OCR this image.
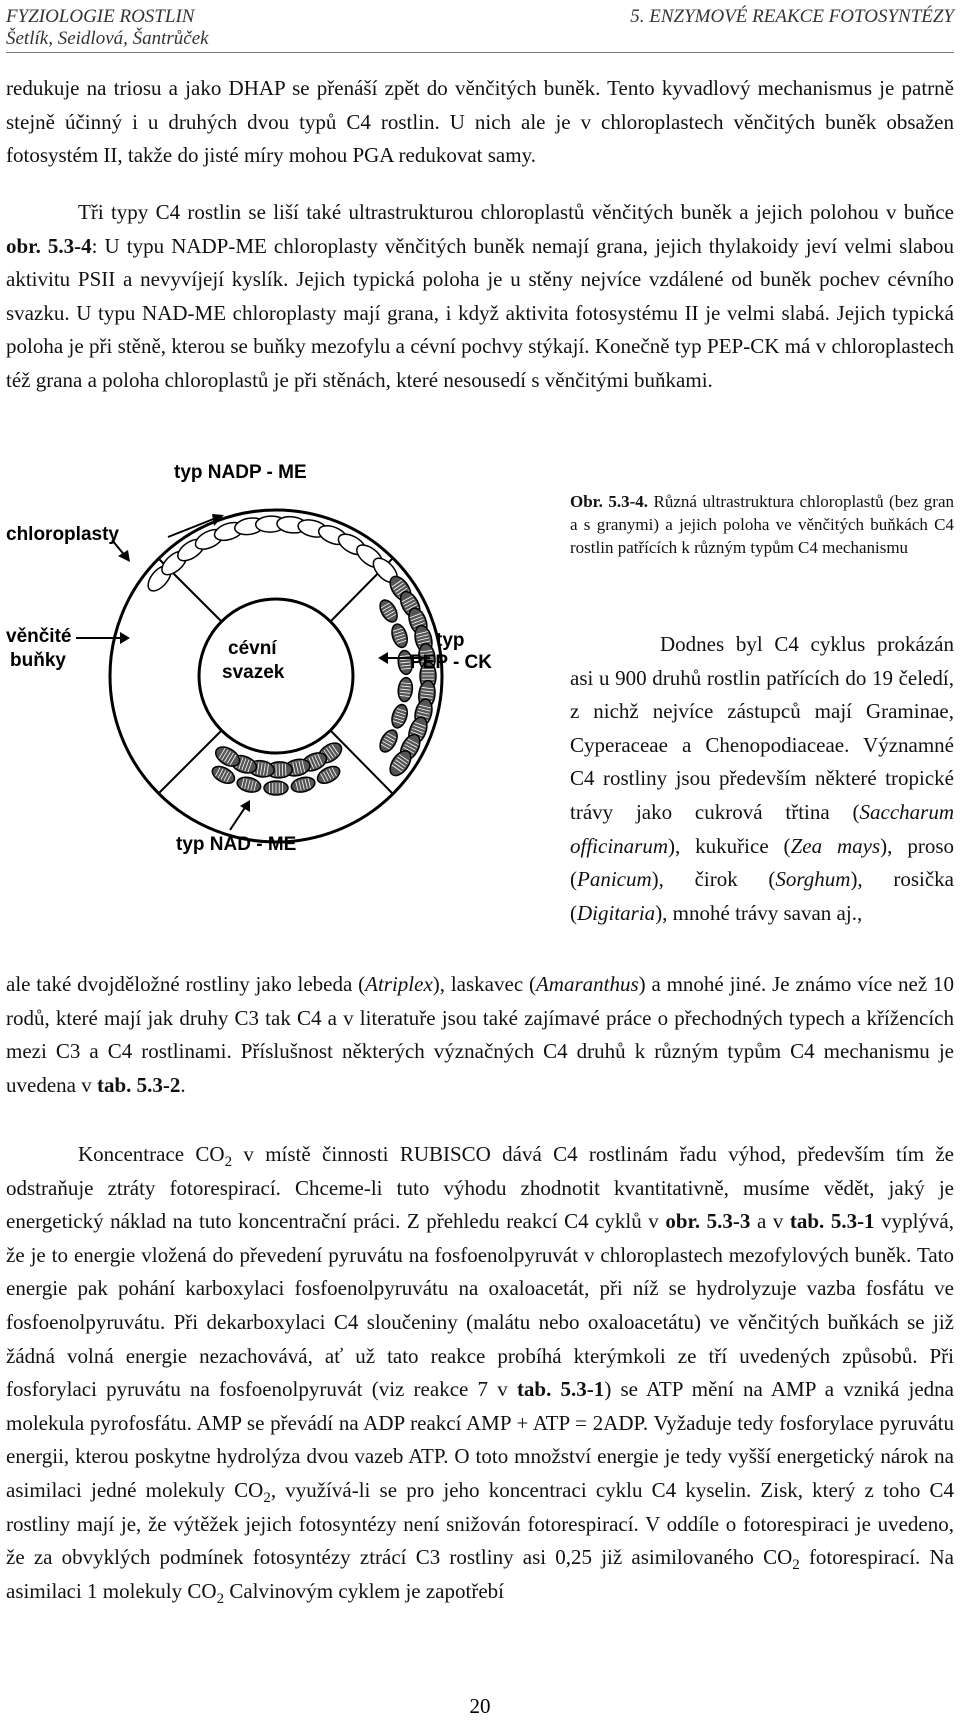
FYZIOLOGIE ROSTLIN
Šetlík, Seidlová, Šantrůček
5. ENZYMOVÉ REAKCE FOTOSYNTÉZY
redukuje na triosu a jako DHAP se přenáší zpět do věnčitých buněk. Tento kyvadlový mechanismus je patrně stejně účinný i u druhých dvou typů C4 rostlin. U nich ale je v chloroplastech věnčitých buněk obsažen fotosystém II, takže do jisté míry mohou PGA redukovat samy.
Tři typy C4 rostlin se liší také ultrastrukturou chloroplastů věnčitých buněk a jejich polohou v buňce obr. 5.3-4: U typu NADP-ME chloroplasty věnčitých buněk nemají grana, jejich thylakoidy jeví velmi slabou aktivitu PSII a nevyvíjejí kyslík. Jejich typická poloha je u stěny nejvíce vzdálené od buněk pochev cévního svazku. U typu NAD-ME chloroplasty mají grana, i když aktivita fotosystému II je velmi slabá. Jejich typická poloha je při stěně, kterou se buňky mezofylu a cévní pochvy stýkají. Konečně typ PEP-CK má v chloroplastech též grana a poloha chloroplastů je při stěnách, které nesousedí s věnčitými buňkami.
typ NADP - ME
chloroplasty
věnčité
buňky
cévní
svazek
typ
PEP - CK
typ NAD - ME
Obr. 5.3-4. Různá ultrastruktura chloroplastů (bez gran a s granymi) a jejich poloha ve věnčitých buňkách C4 rostlin patřících k různým typům C4 mechanismu
Dodnes byl C4 cyklus prokázán asi u 900 druhů rostlin patřících do 19 čeledí, z nichž nejvíce zástupců mají Graminae, Cyperaceae a Chenopodiaceae. Významné C4 rostliny jsou především některé tropické trávy jako cukrová třtina (Saccharum officinarum), kukuřice (Zea mays), proso (Panicum), čirok (Sorghum), rosička (Digitaria), mnohé trávy savan aj.,
ale také dvojděložné rostliny jako lebeda (Atriplex), laskavec (Amaranthus) a mnohé jiné. Je známo více než 10 rodů, které mají jak druhy C3 tak C4 a v literatuře jsou také zajímavé práce o přechodných typech a křížencích mezi C3 a C4 rostlinami. Příslušnost některých význačných C4 druhů k různým typům C4 mechanismu je uvedena v tab. 5.3-2.
Koncentrace $CO_2$ v místě činnosti RUBISCO dává C4 rostlinám řadu výhod, především tím že odstraňuje ztráty fotorespirací. Chceme-li tuto výhodu zhodnotit kvantitativně, musíme vědět, jaký je energetický náklad na tuto koncentrační práci. Z přehledu reakcí C4 cyklů v obr. 5.3-3 a v tab. 5.3-1 vyplývá, že je to energie vložená do převedení pyruvátu na fosfoenolpyruvát v chloroplastech mezofylových buněk. Tato energie pak pohání karboxylaci fosfoenolpyruvátu na oxaloacetát, při níž se hydrolyzuje vazba fosfátu ve fosfoenolpyruvátu. Při dekarboxylaci C4 sloučeniny (malátu nebo oxaloacetátu) ve věnčitých buňkách se již žádná volná energie nezachovává, ať už tato reakce probíhá kterýmkoli ze tří uvedených způsobů. Při fosforylaci pyruvátu na fosfoenolpyruvát (viz reakce 7 v tab. 5.3-1) se ATP mění na AMP a vzniká jedna molekula pyrofosfátu. AMP se převádí na ADP reakcí AMP + ATP = 2ADP. Vyžaduje tedy fosforylace pyruvátu energii, kterou poskytne hydrolýza dvou vazeb ATP. O toto množství energie je tedy vyšší energetický nárok na asimilaci jedné molekuly $CO_2$, využívá-li se pro jeho koncentraci cyklu C4 kyselin. Zisk, který z toho C4 rostliny mají je, že výtěžek jejich fotosyntézy není snižován fotorespirací. V oddíle o fotorespiraci je uvedeno, že za obvyklých podmínek fotosyntézy ztrácí C3 rostliny asi 0,25 již asimilovaného $CO_2$ fotorespirací. Na asimilaci 1 molekuly $CO_2$ Calvinovým cyklem je zapotřebí
20
